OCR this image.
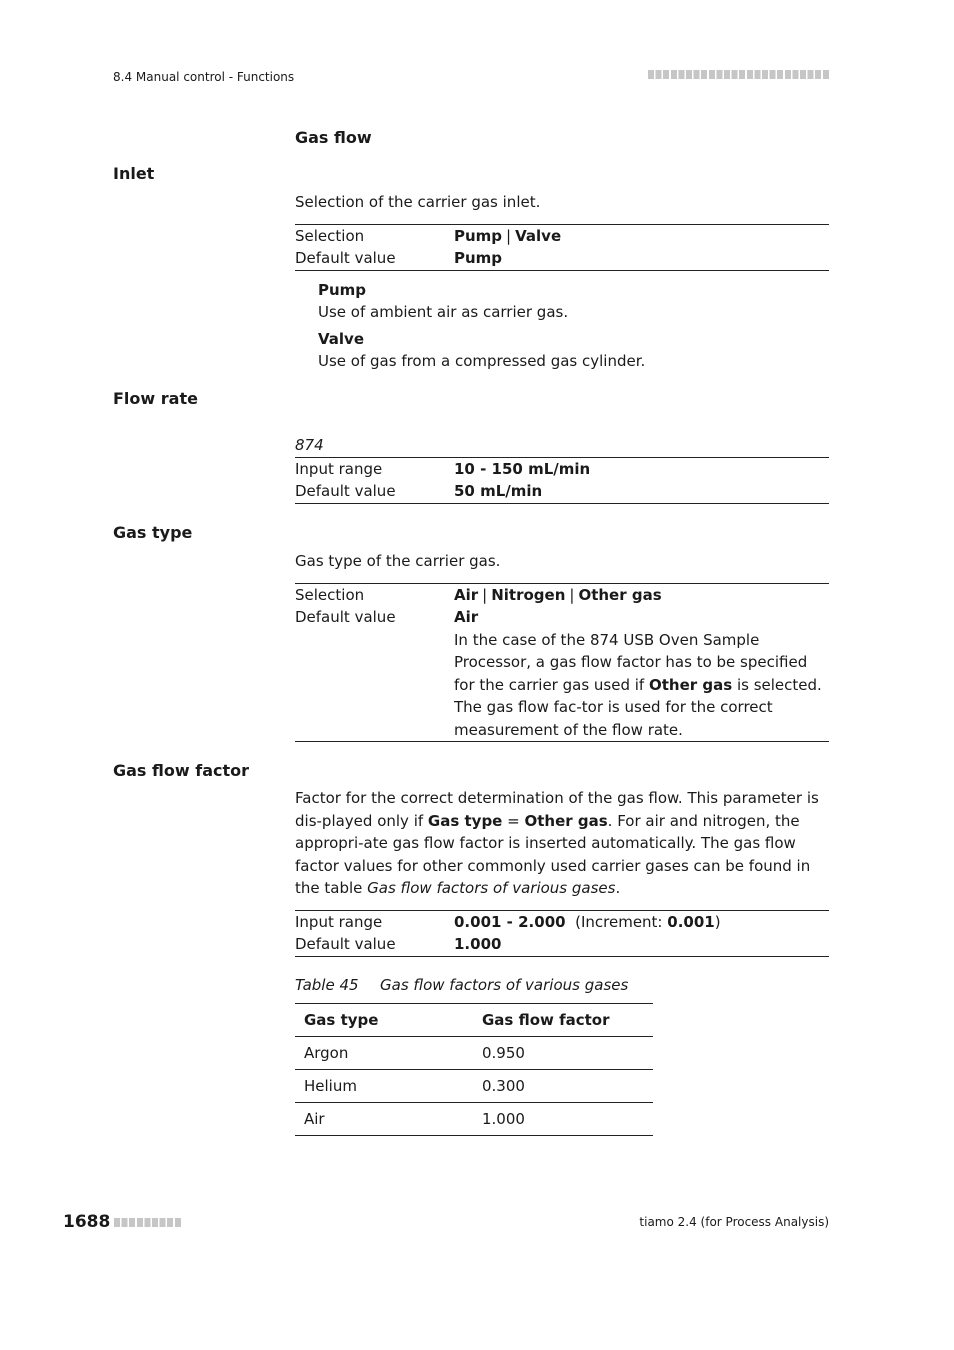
8.4 Manual control - Functions
Gas flow
Inlet

Selection of the carrier gas inlet.

Selection	Pump | Valve
Default value	Pump
Pump
Use of ambient air as carrier gas.
Valve
Use of gas from a compressed gas cylinder.
Flow rate
874
Input range	10 - 150 mL/min
Default value	50 mL/min
Gas type

Gas type of the carrier gas.

Selection	Air | Nitrogen | Other gas
Default value	Air
In the case of the 874 USB Oven Sample Processor, a gas flow factor has to be specified for the carrier gas used if Other gas is selected. The gas flow fac-tor is used for the correct measurement of the flow rate.
Gas flow factor

Factor for the correct determination of the gas flow. This parameter is dis-played only if Gas type = Other gas. For air and nitrogen, the appropri-ate gas flow factor is inserted automatically. The gas flow factor values for other commonly used carrier gases can be found in the table Gas flow factors of various gases.

Input range	0.001 - 2.000 (Increment: 0.001)
Default value	1.000
Table 45 Gas flow factors of various gases
Gas type	Gas flow factor
Argon	0.950
Helium	0.300
Air	1.000
1688	tiamo 2.4 (for Process Analysis)
